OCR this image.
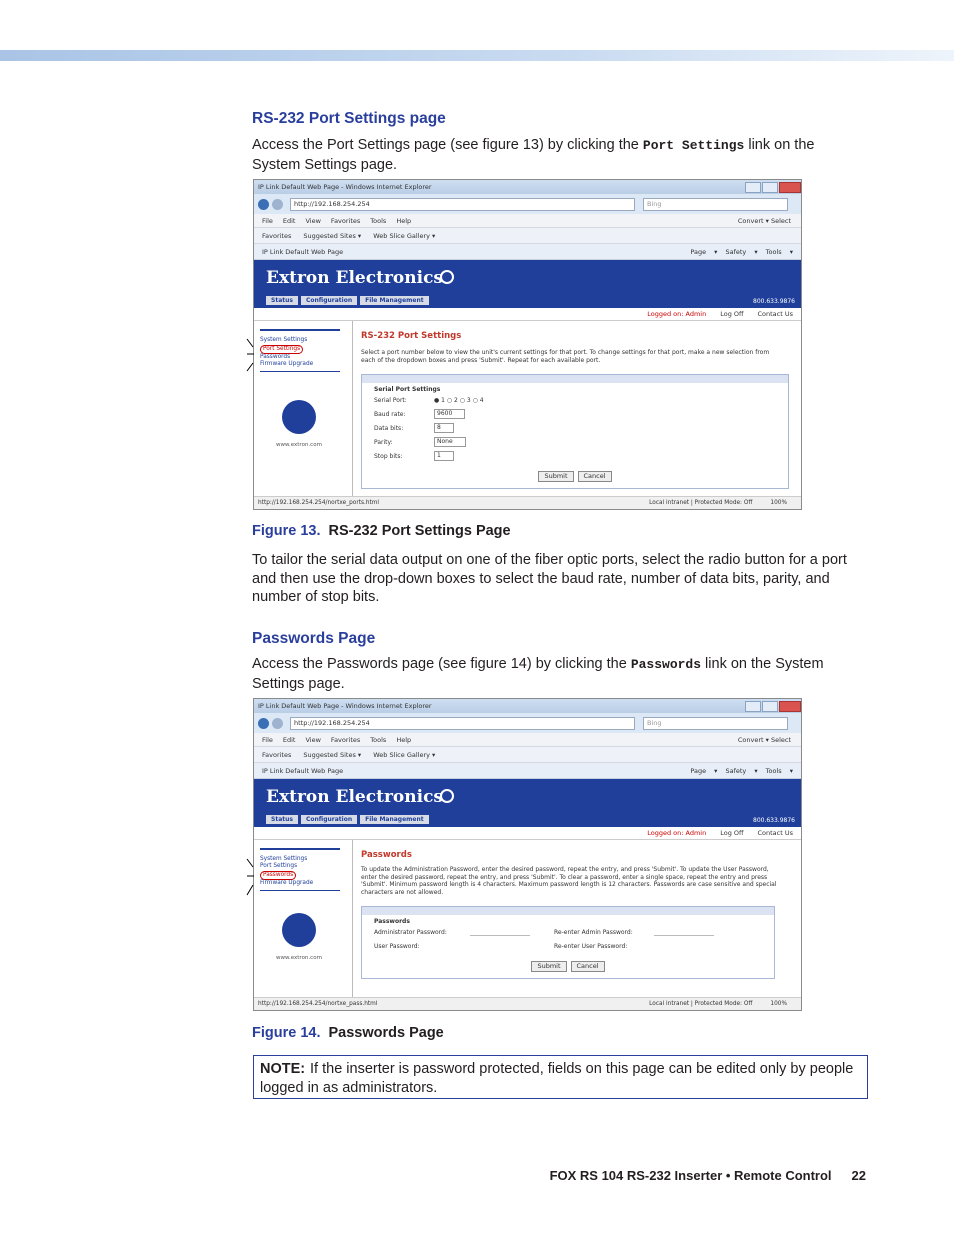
RS-232 Port Settings page
Access the Port Settings page (see figure 13) by clicking the Port Settings link on the System Settings page.
IP Link Default Web Page - Windows Internet Explorer
http://192.168.254.254	Bing
File Edit View Favorites Tools Help	Convert ▾ Select
Favorites Suggested Sites ▾ Web Slice Gallery ▾
IP Link Default Web Page	Page ▾ Safety ▾ Tools ▾
Extron Electronics
Status	Configuration	File Management	800.633.9876
Logged on: Admin Log Off Contact Us
System Settings
Port Settings
Passwords
Firmware Upgrade
www.extron.com
RS-232 Port Settings
Select a port number below to view the unit's current settings for that port. To change settings for that port, make a new selection from each of the dropdown boxes and press 'Submit'. Repeat for each available port.
Serial Port Settings
Serial Port:	● 1 ○ 2 ○ 3 ○ 4
Baud rate:	9600
Data bits:	8
Parity:	None
Stop bits:	1
Submit	Cancel
http://192.168.254.254/nortxe_ports.html	Local intranet | Protected Mode: Off	100%
Figure 13. RS-232 Port Settings Page
To tailor the serial data output on one of the fiber optic ports, select the radio button for a port and then use the drop-down boxes to select the baud rate, number of data bits, parity, and number of stop bits.
Passwords Page
Access the Passwords page (see figure 14) by clicking the Passwords link on the System Settings page.
IP Link Default Web Page - Windows Internet Explorer
http://192.168.254.254	Bing
File Edit View Favorites Tools Help	Convert ▾ Select
Favorites Suggested Sites ▾ Web Slice Gallery ▾
IP Link Default Web Page	Page ▾ Safety ▾ Tools ▾
Extron Electronics
Status	Configuration	File Management	800.633.9876
Logged on: Admin Log Off Contact Us
System Settings
Port Settings
Passwords
Firmware Upgrade
www.extron.com
Passwords
To update the Administration Password, enter the desired password, repeat the entry, and press 'Submit'. To update the User Password, enter the desired password, repeat the entry, and press 'Submit'. To clear a password, enter a single space, repeat the entry and press 'Submit'. Minimum password length is 4 characters. Maximum password length is 12 characters. Passwords are case sensitive and special characters are not allowed.
Passwords
Administrator Password:	Re-enter Admin Password:
User Password:	Re-enter User Password:
Submit	Cancel
http://192.168.254.254/nortxe_pass.html	Local intranet | Protected Mode: Off	100%
Figure 14. Passwords Page
NOTE: If the inserter is password protected, fields on this page can be edited only by people logged in as administrators.
FOX RS 104 RS-232 Inserter • Remote Control 22
